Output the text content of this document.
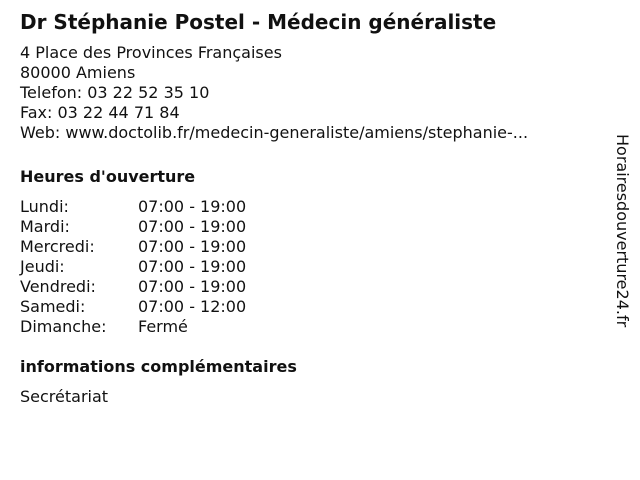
Dr Stéphanie Postel - Médecin généraliste
4 Place des Provinces Françaises
80000 Amiens
Telefon: 03 22 52 35 10
Fax: 03 22 44 71 84
Web: www.doctolib.fr/medecin-generaliste/amiens/stephanie-...
Heures d'ouverture
Lundi:	07:00 - 19:00
Mardi:	07:00 - 19:00
Mercredi:	07:00 - 19:00
Jeudi:	07:00 - 19:00
Vendredi:	07:00 - 19:00
Samedi:	07:00 - 12:00
Dimanche:	Fermé
informations complémentaires
Secrétariat
Horairesdouverture24.fr
